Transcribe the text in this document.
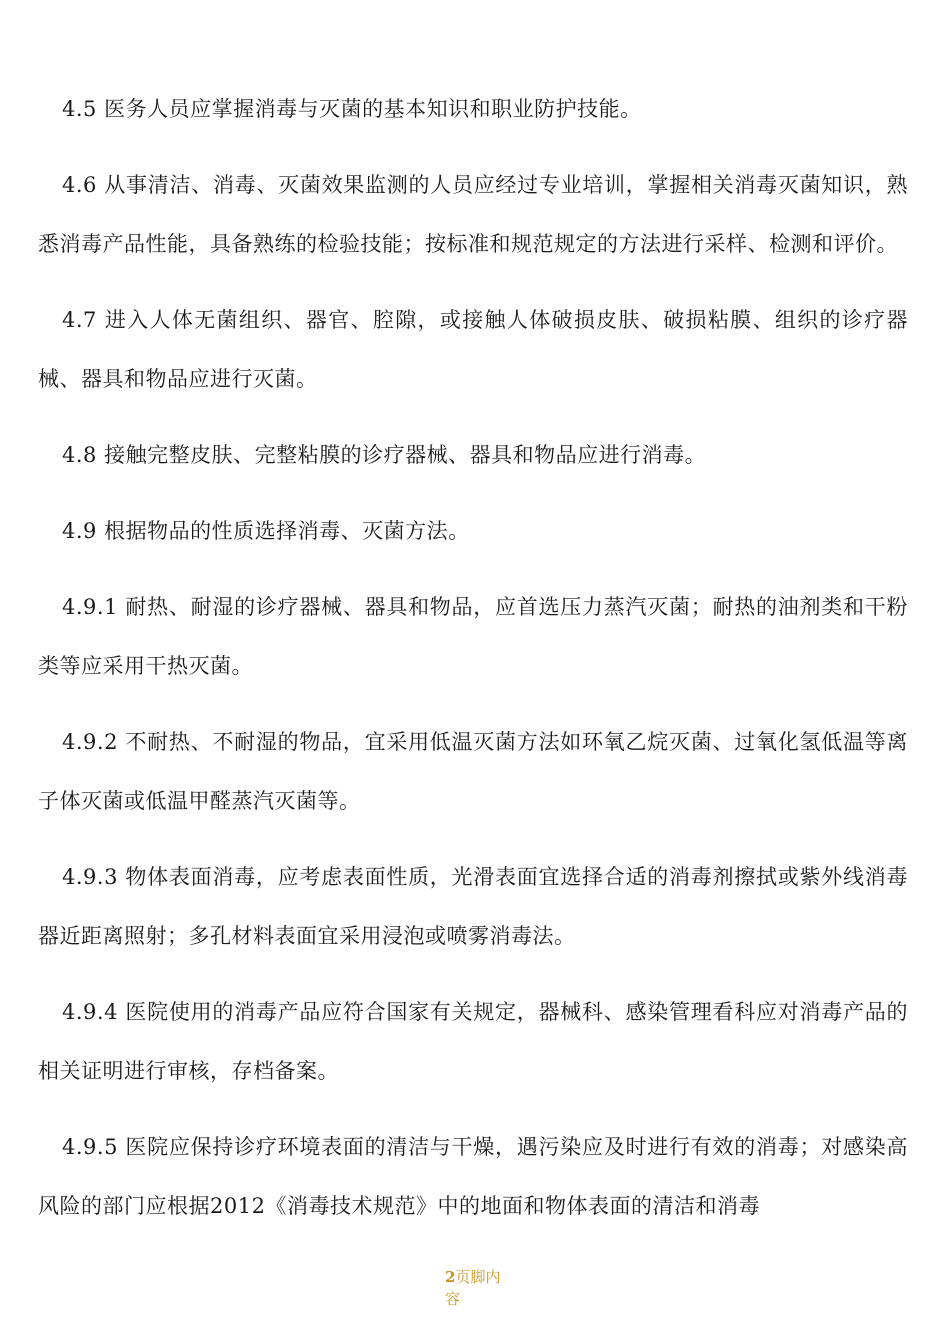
4.5 医务人员应掌握消毒与灭菌的基本知识和职业防护技能。

4.6 从事清洁、消毒、灭菌效果监测的人员应经过专业培训，掌握相关消毒灭菌知识，熟悉消毒产品性能，具备熟练的检验技能；按标准和规范规定的方法进行采样、检测和评价。

4.7 进入人体无菌组织、器官、腔隙，或接触人体破损皮肤、破损粘膜、组织的诊疗器械、器具和物品应进行灭菌。

4.8 接触完整皮肤、完整粘膜的诊疗器械、器具和物品应进行消毒。

4.9 根据物品的性质选择消毒、灭菌方法。

4.9.1 耐热、耐湿的诊疗器械、器具和物品，应首选压力蒸汽灭菌；耐热的油剂类和干粉类等应采用干热灭菌。

4.9.2 不耐热、不耐湿的物品，宜采用低温灭菌方法如环氧乙烷灭菌、过氧化氢低温等离子体灭菌或低温甲醛蒸汽灭菌等。

4.9.3 物体表面消毒，应考虑表面性质，光滑表面宜选择合适的消毒剂擦拭或紫外线消毒器近距离照射；多孔材料表面宜采用浸泡或喷雾消毒法。

4.9.4 医院使用的消毒产品应符合国家有关规定，器械科、感染管理看科应对消毒产品的相关证明进行审核，存档备案。

4.9.5 医院应保持诊疗环境表面的清洁与干燥，遇污染应及时进行有效的消毒；对感染高风险的部门应根据2012《消毒技术规范》中的地面和物体表面的清洁和消毒

2页脚内容
